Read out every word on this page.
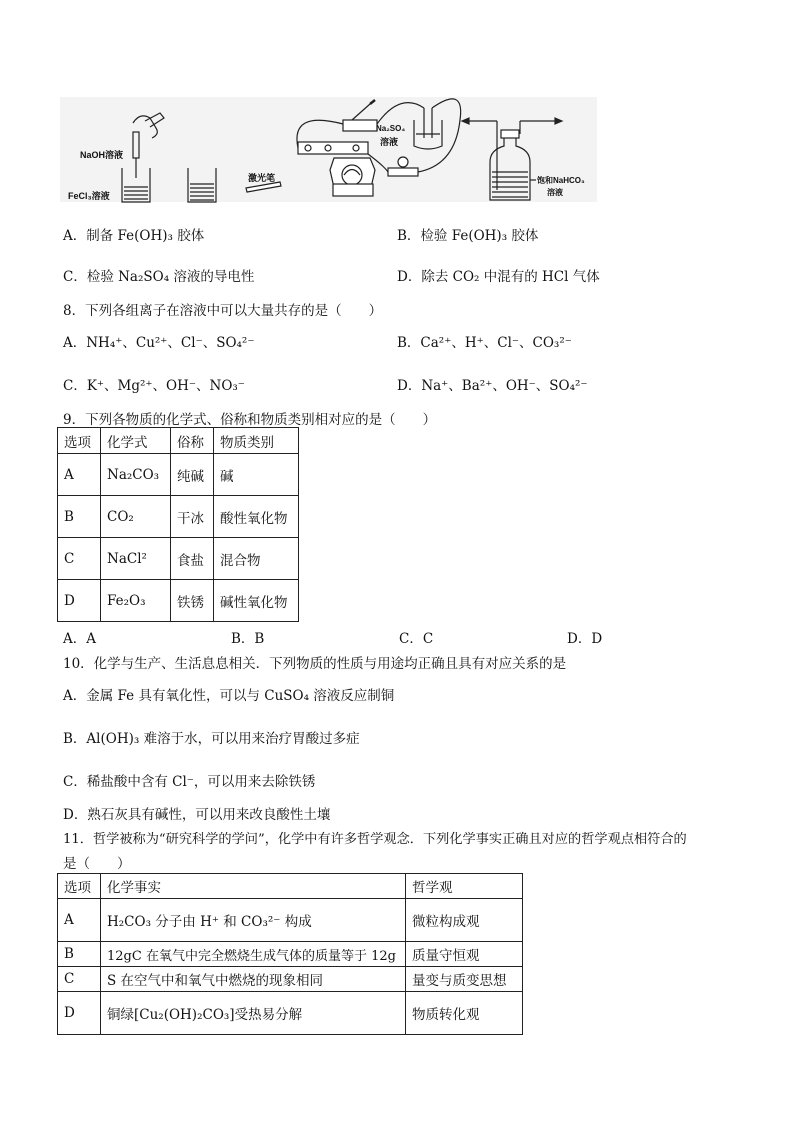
NaOH溶液
FeCl₃溶液
激光笔
Na₂SO₄
溶液
饱和NaHCO₃
溶液
A．制备 Fe(OH)₃ 胶体	B．检验 Fe(OH)₃ 胶体
C．检验 Na₂SO₄ 溶液的导电性	D．除去 CO₂ 中混有的 HCl 气体
8．下列各组离子在溶液中可以大量共存的是（　　）
A．NH₄⁺、Cu²⁺、Cl⁻、SO₄²⁻	B．Ca²⁺、H⁺、Cl⁻、CO₃²⁻
C．K⁺、Mg²⁺、OH⁻、NO₃⁻	D．Na⁺、Ba²⁺、OH⁻、SO₄²⁻
9．下列各物质的化学式、俗称和物质类别相对应的是（　　）
选项	化学式	俗称	物质类别
A	Na₂CO₃	纯碱	碱
B	CO₂	干冰	酸性氧化物
C	NaCl²	食盐	混合物
D	Fe₂O₃	铁锈	碱性氧化物
A．A	B．B	C．C	D．D
10．化学与生产、生活息息相关．下列物质的性质与用途均正确且具有对应关系的是
A．金属 Fe 具有氧化性，可以与 CuSO₄ 溶液反应制铜
B．Al(OH)₃ 难溶于水，可以用来治疗胃酸过多症
C．稀盐酸中含有 Cl⁻，可以用来去除铁锈
D．熟石灰具有碱性，可以用来改良酸性土壤
11．哲学被称为“研究科学的学问”，化学中有许多哲学观念．下列化学事实正确且对应的哲学观点相符合的
是（　　）
选项	化学事实	哲学观
A	H₂CO₃ 分子由 H⁺ 和 CO₃²⁻ 构成	微粒构成观
B	12gC 在氧气中完全燃烧生成气体的质量等于 12g	质量守恒观
C	S 在空气中和氧气中燃烧的现象相同	量变与质变思想
D	铜绿[Cu₂(OH)₂CO₃]受热易分解	物质转化观
